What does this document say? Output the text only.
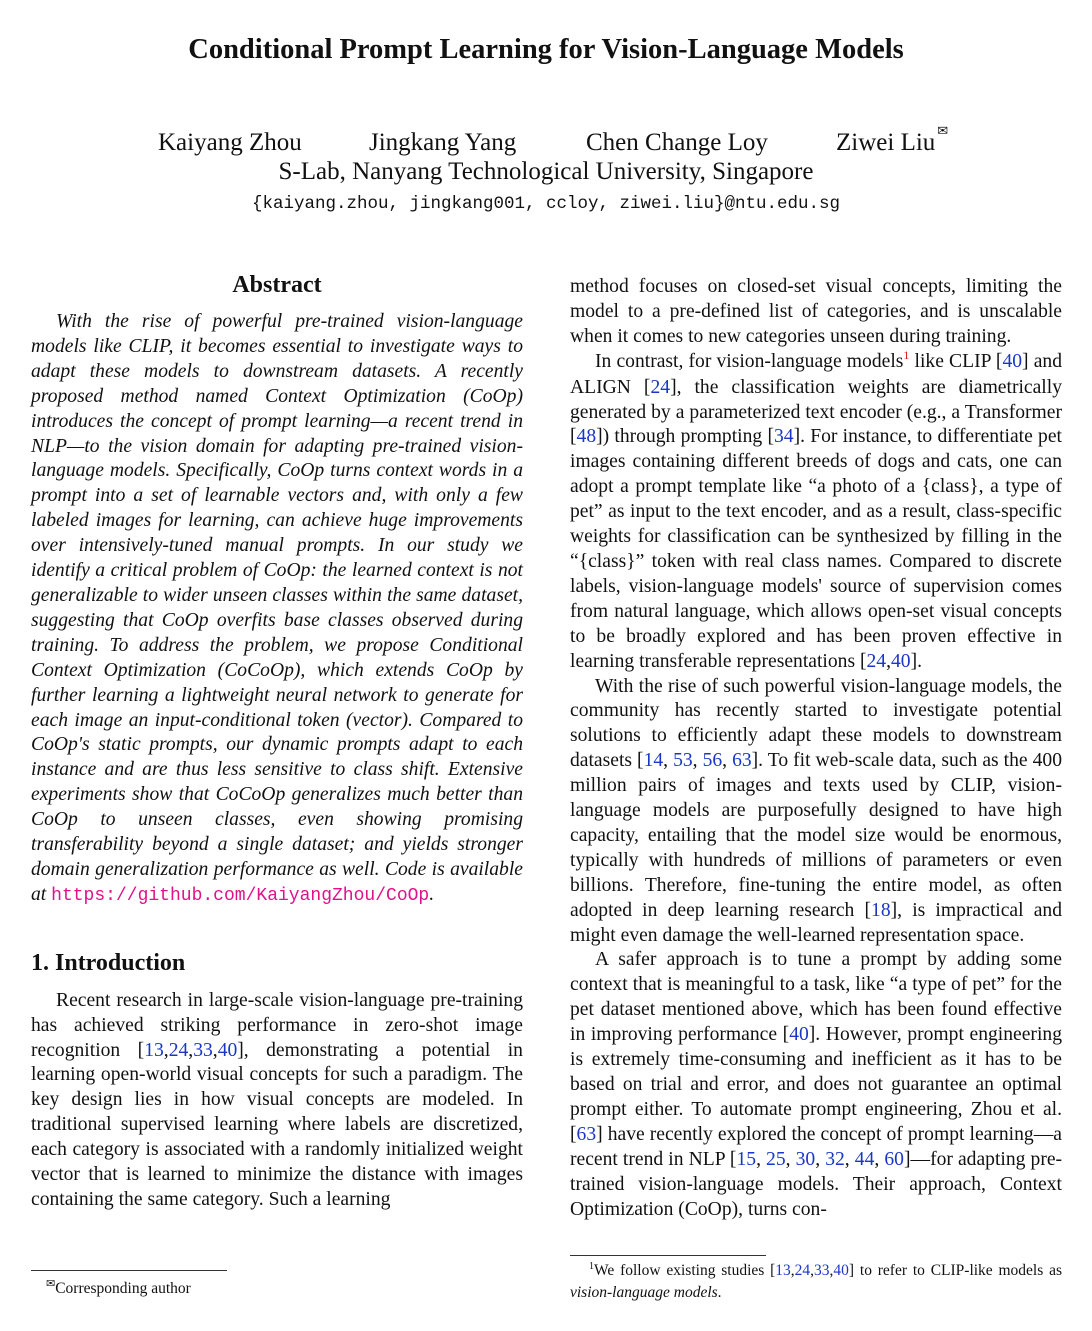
Conditional Prompt Learning for Vision-Language Models
Kaiyang Zhou	Jingkang Yang	Chen Change Loy	Ziwei Liu ✉
S-Lab, Nanyang Technological University, Singapore
{kaiyang.zhou, jingkang001, ccloy, ziwei.liu}@ntu.edu.sg
Abstract

With the rise of powerful pre-trained vision-language models like CLIP, it becomes essential to investigate ways to adapt these models to downstream datasets. A recently proposed method named Context Optimization (CoOp) introduces the concept of prompt learning—a recent trend in NLP—to the vision domain for adapting pre-trained vision-language models. Specifically, CoOp turns context words in a prompt into a set of learnable vectors and, with only a few labeled images for learning, can achieve huge improvements over intensively-tuned manual prompts. In our study we identify a critical problem of CoOp: the learned context is not generalizable to wider unseen classes within the same dataset, suggesting that CoOp overfits base classes observed during training. To address the problem, we propose Conditional Context Optimization (CoCoOp), which extends CoOp by further learning a lightweight neural network to generate for each image an input-conditional token (vector). Compared to CoOp's static prompts, our dynamic prompts adapt to each instance and are thus less sensitive to class shift. Extensive experiments show that CoCoOp generalizes much better than CoOp to unseen classes, even showing promising transferability beyond a single dataset; and yields stronger domain generalization performance as well. Code is available at https://github.com/KaiyangZhou/CoOp.

1. Introduction

Recent research in large-scale vision-language pre-training has achieved striking performance in zero-shot image recognition [13,24,33,40], demonstrating a potential in learning open-world visual concepts for such a paradigm. The key design lies in how visual concepts are modeled. In traditional supervised learning where labels are discretized, each category is associated with a randomly initialized weight vector that is learned to minimize the distance with images containing the same category. Such a learning

method focuses on closed-set visual concepts, limiting the model to a pre-defined list of categories, and is unscalable when it comes to new categories unseen during training.

In contrast, for vision-language models$^1$ like CLIP [40] and ALIGN [24], the classification weights are diametrically generated by a parameterized text encoder (e.g., a Transformer [48]) through prompting [34]. For instance, to differentiate pet images containing different breeds of dogs and cats, one can adopt a prompt template like “a photo of a {class}, a type of pet” as input to the text encoder, and as a result, class-specific weights for classification can be synthesized by filling in the “{class}” token with real class names. Compared to discrete labels, vision-language models' source of supervision comes from natural language, which allows open-set visual concepts to be broadly explored and has been proven effective in learning transferable representations [24,40].

With the rise of such powerful vision-language models, the community has recently started to investigate potential solutions to efficiently adapt these models to downstream datasets [14, 53, 56, 63]. To fit web-scale data, such as the 400 million pairs of images and texts used by CLIP, vision-language models are purposefully designed to have high capacity, entailing that the model size would be enormous, typically with hundreds of millions of parameters or even billions. Therefore, fine-tuning the entire model, as often adopted in deep learning research [18], is impractical and might even damage the well-learned representation space.

A safer approach is to tune a prompt by adding some context that is meaningful to a task, like “a type of pet” for the pet dataset mentioned above, which has been found effective in improving performance [40]. However, prompt engineering is extremely time-consuming and inefficient as it has to be based on trial and error, and does not guarantee an optimal prompt either. To automate prompt engineering, Zhou et al. [63] have recently explored the concept of prompt learning—a recent trend in NLP [15, 25, 30, 32, 44, 60]—for adapting pre-trained vision-language models. Their approach, Context Optimization (CoOp), turns con-

✉Corresponding author
$^1$We follow existing studies [13,24,33,40] to refer to CLIP-like models as vision-language models.
